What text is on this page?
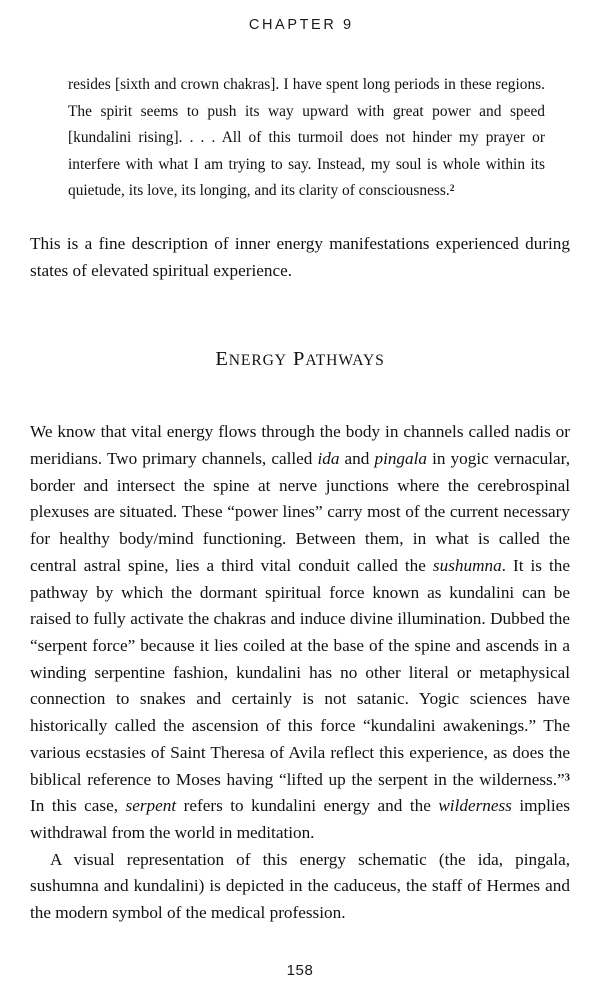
CHAPTER 9

resides [sixth and crown chakras]. I have spent long periods in these regions. The spirit seems to push its way upward with great power and speed [kundalini rising]. . . . All of this turmoil does not hinder my prayer or interfere with what I am trying to say. Instead, my soul is whole within its quietude, its love, its longing, and its clarity of consciousness.$^2$

This is a fine description of inner energy manifestations experienced during states of elevated spiritual experience.

ENERGY PATHWAYS

We know that vital energy flows through the body in channels called nadis or meridians. Two primary channels, called ida and pingala in yogic vernacular, border and intersect the spine at nerve junctions where the cerebrospinal plexuses are situated. These “power lines” carry most of the current necessary for healthy body/mind functioning. Between them, in what is called the central astral spine, lies a third vital conduit called the sushumna. It is the pathway by which the dormant spiritual force known as kundalini can be raised to fully activate the chakras and induce divine illumination. Dubbed the “serpent force” because it lies coiled at the base of the spine and ascends in a winding serpentine fashion, kundalini has no other literal or metaphysical connection to snakes and certainly is not satanic. Yogic sciences have historically called the ascension of this force “kundalini awakenings.” The various ecstasies of Saint Theresa of Avila reflect this experience, as does the biblical reference to Moses having “lifted up the serpent in the wilderness.”$^3$ In this case, serpent refers to kundalini energy and the wilderness implies withdrawal from the world in meditation.

A visual representation of this energy schematic (the ida, pingala, sushumna and kundalini) is depicted in the caduceus, the staff of Hermes and the modern symbol of the medical profession.

158
